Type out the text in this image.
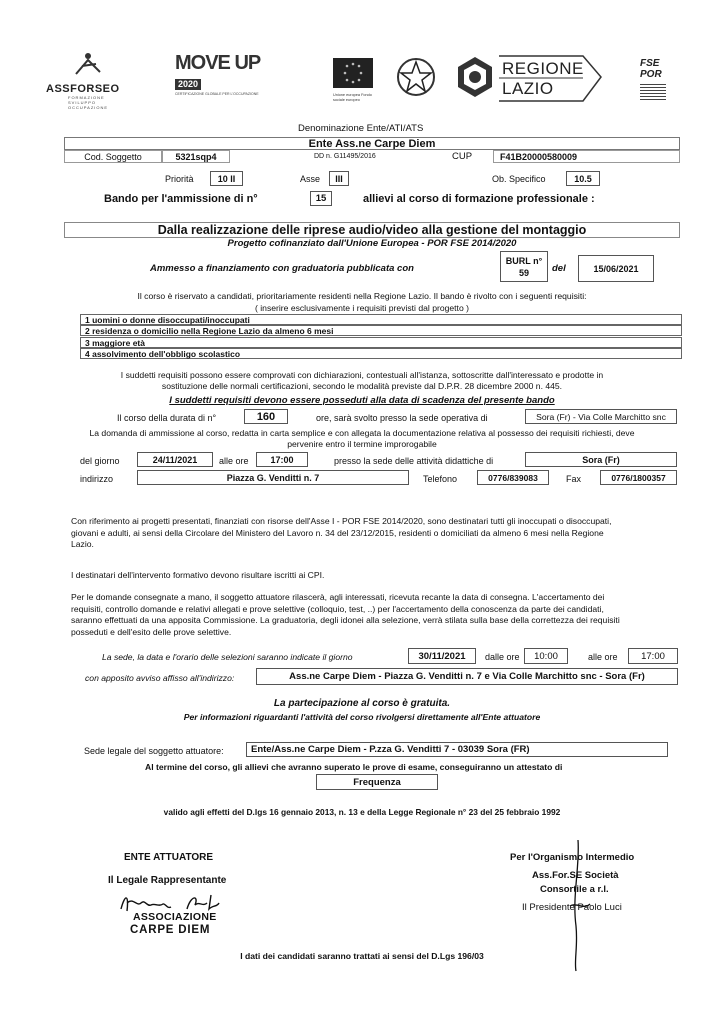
ASSFORSEO
FORMAZIONE SVILUPPO OCCUPAZIONE
MOVE UP
2020
CERTIFICAZIONE GLOBALE PER L'OCCUPAZIONE	Unione europea Fondo sociale europeo
REGIONE
LAZIO
FSE POR
Denominazione Ente/ATI/ATS
Ente Ass.ne Carpe Diem
Cod. Soggetto	5321sqp4	DD n. G11495/2016	CUP	F41B20000580009
Priorità	10 II	Asse	III	Ob. Specifico	10.5
Bando per l'ammissione di n°	15	allievi al corso di formazione professionale :
Dalla realizzazione delle riprese audio/video alla gestione del montaggio
Progetto cofinanziato dall'Unione Europea - POR FSE 2014/2020
Ammesso a finanziamento con graduatoria pubblicata con
BURL n°
59 del	15/06/2021
Il corso è riservato a candidati, prioritariamente residenti nella Regione Lazio. Il bando è rivolto con i seguenti requisiti:
( inserire esclusivamente i requisiti previsti dal progetto )
1 uomini o donne disoccupati/inoccupati
2 residenza o domicilio nella Regione Lazio da almeno 6 mesi
3 maggiore età
4 assolvimento dell'obbligo scolastico
I suddetti requisiti possono essere comprovati con dichiarazioni, contestuali all'istanza, sottoscritte dall'interessato e prodotte in
sostituzione delle normali certificazioni, secondo le modalità previste dal D.P.R. 28 dicembre 2000 n. 445.
I suddetti requisiti devono essere posseduti alla data di scadenza del presente bando
Il corso della durata di n°	160	ore, sarà svolto presso la sede operativa di	Sora (Fr) - Via Colle Marchitto snc
La domanda di ammissione al corso, redatta in carta semplice e con allegata la documentazione relativa al possesso dei requisiti richiesti, deve
pervenire entro il termine improrogabile
del giorno	24/11/2021	alle ore	17:00	presso la sede delle attività didattiche di	Sora (Fr)
indirizzo	Piazza G. Venditti n. 7	Telefono	0776/839083	Fax	0776/1800357
Con riferimento ai progetti presentati, finanziati con risorse dell'Asse I - POR FSE 2014/2020, sono destinatari tutti gli inoccupati o disoccupati,
giovani e adulti, ai sensi della Circolare del Ministero del Lavoro n. 34 del 23/12/2015, residenti o domiciliati da almeno 6 mesi nella Regione
Lazio.
I destinatari dell'intervento formativo devono risultare iscritti ai CPI.
Per le domande consegnate a mano, il soggetto attuatore rilascerà, agli interessati, ricevuta recante la data di consegna. L'accertamento dei
requisiti, controllo domande e relativi allegati e prove selettive (colloquio, test, ..) per l'accertamento della conoscenza da parte dei candidati,
saranno effettuati da una apposita Commissione. La graduatoria, degli idonei alla selezione, verrà stilata sulla base della correttezza dei requisiti
posseduti e dell'esito delle prove selettive.
La sede, la data e l'orario delle selezioni saranno indicate il giorno	30/11/2021	dalle ore	10:00	alle ore	17:00
con apposito avviso affisso all'indirizzo:	Ass.ne Carpe Diem - Piazza G. Venditti n. 7 e Via Colle Marchitto snc - Sora (Fr)
La partecipazione al corso è gratuita.
Per informazioni riguardanti l'attività del corso rivolgersi direttamente all'Ente attuatore
Sede legale del soggetto attuatore:	Ente/Ass.ne Carpe Diem - P.zza G. Venditti 7 - 03039 Sora (FR)
Al termine del corso, gli allievi che avranno superato le prove di esame, conseguiranno un attestato di
Frequenza
valido agli effetti del D.lgs 16 gennaio 2013, n. 13 e della Legge Regionale n° 23 del 25 febbraio 1992
ENTE ATTUATORE
Il Legale Rappresentante
ASSOCIAZIONE
CARPE DIEM
Per l'Organismo Intermedio
Ass.For.SE Società
Consortile a r.l.
Il Presidente Paolo Luci
I dati dei candidati saranno trattati ai sensi del D.Lgs 196/03
